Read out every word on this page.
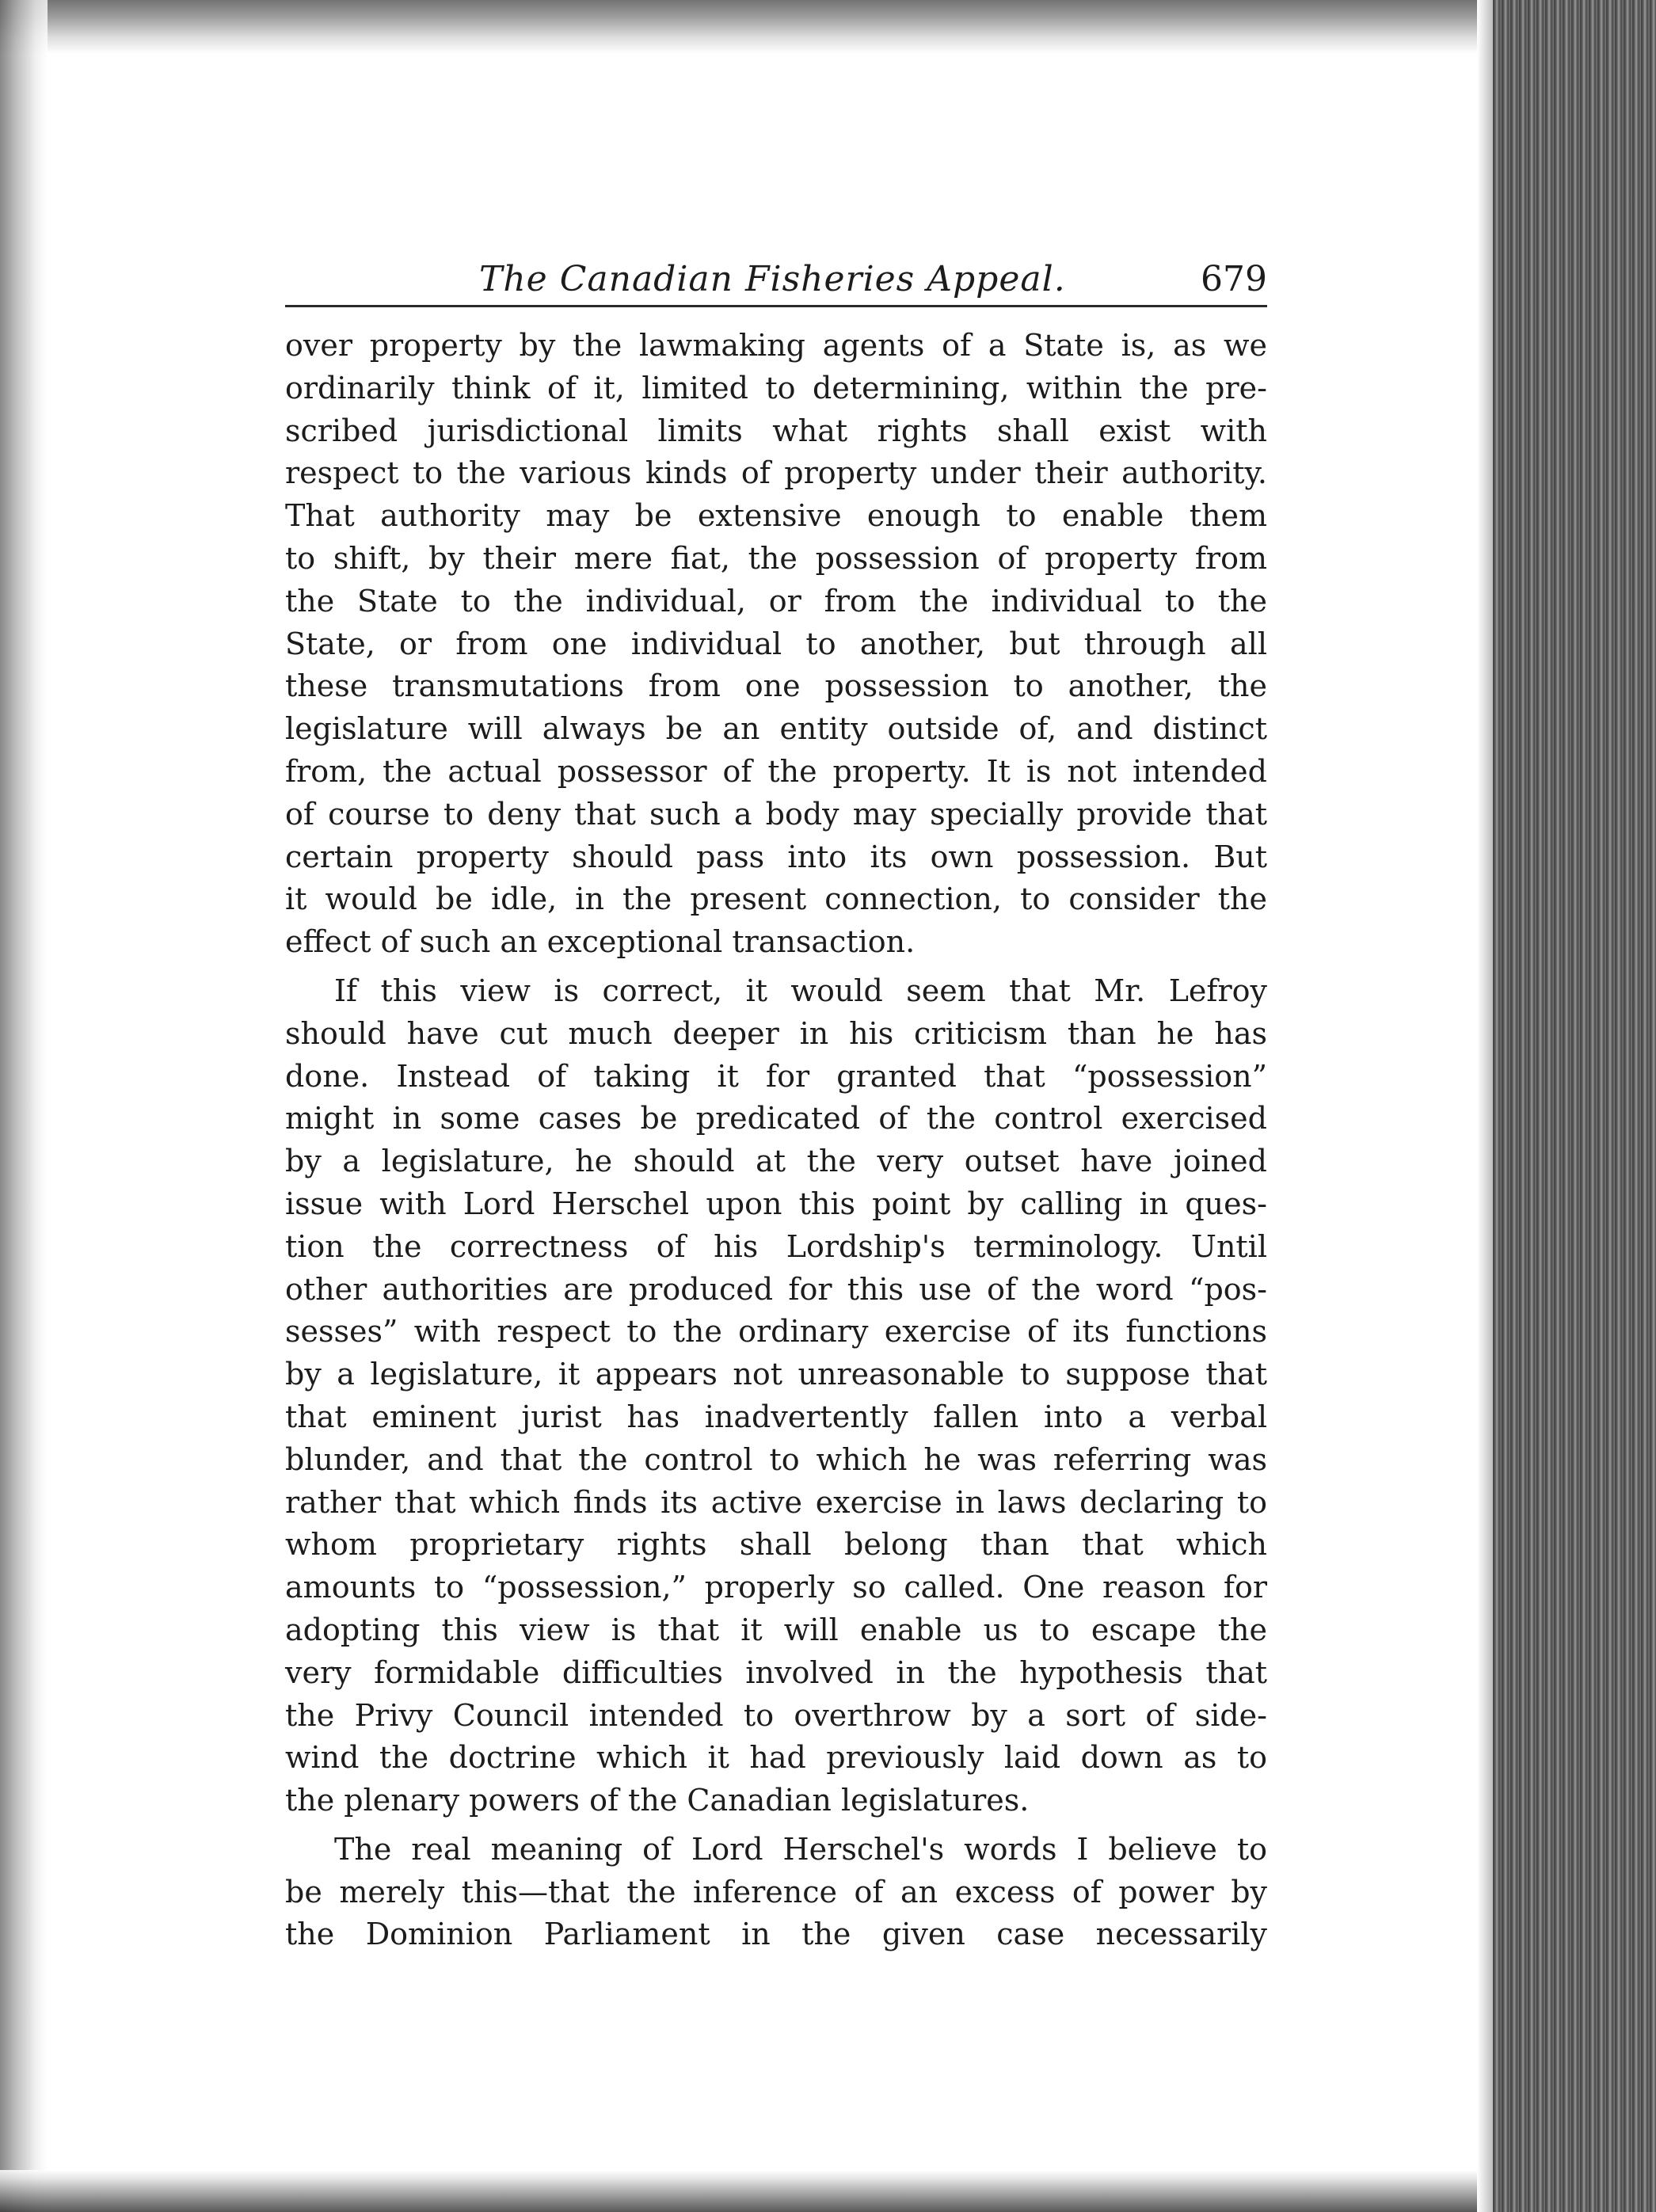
The Canadian Fisheries Appeal.	679

over property by the lawmaking agents of a State is, as we

ordinarily think of it, limited to determining, within the pre-

scribed jurisdictional limits what rights shall exist with

respect to the various kinds of property under their authority.

That authority may be extensive enough to enable them

to shift, by their mere fiat, the possession of property from

the State to the individual, or from the individual to the

State, or from one individual to another, but through all

these transmutations from one possession to another, the

legislature will always be an entity outside of, and distinct

from, the actual possessor of the property. It is not intended

of course to deny that such a body may specially provide that

certain property should pass into its own possession. But

it would be idle, in the present connection, to consider the

effect of such an exceptional transaction.

If this view is correct, it would seem that Mr. Lefroy

should have cut much deeper in his criticism than he has

done. Instead of taking it for granted that “possession”

might in some cases be predicated of the control exercised

by a legislature, he should at the very outset have joined

issue with Lord Herschel upon this point by calling in ques-

tion the correctness of his Lordship's terminology. Until

other authorities are produced for this use of the word “pos-

sesses” with respect to the ordinary exercise of its functions

by a legislature, it appears not unreasonable to suppose that

that eminent jurist has inadvertently fallen into a verbal

blunder, and that the control to which he was referring was

rather that which finds its active exercise in laws declaring to

whom proprietary rights shall belong than that which

amounts to “possession,” properly so called. One reason for

adopting this view is that it will enable us to escape the

very formidable difficulties involved in the hypothesis that

the Privy Council intended to overthrow by a sort of side-

wind the doctrine which it had previously laid down as to

the plenary powers of the Canadian legislatures.

The real meaning of Lord Herschel's words I believe to

be merely this—that the inference of an excess of power by

the Dominion Parliament in the given case necessarily
